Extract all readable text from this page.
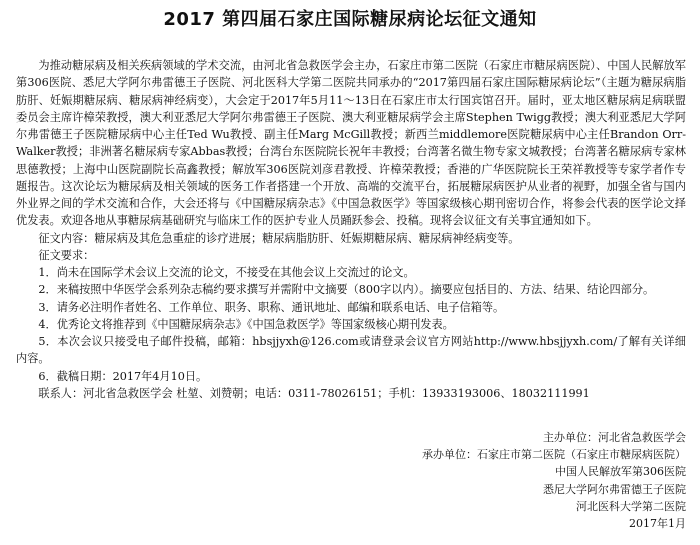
2017 第四届石家庄国际糖尿病论坛征文通知

为推动糖尿病及相关疾病领域的学术交流，由河北省急救医学会主办，石家庄市第二医院（石家庄市糖尿病医院）、中国人民解放军第306医院、悉尼大学阿尔弗雷德王子医院、河北医科大学第二医院共同承办的“2017第四届石家庄国际糖尿病论坛”（主题为糖尿病脂肪肝、妊娠期糖尿病、糖尿病神经病变），大会定于2017年5月11～13日在石家庄市太行国宾馆召开。届时，亚太地区糖尿病足病联盟委员会主席许樟荣教授，澳大利亚悉尼大学阿尔弗雷德王子医院、澳大利亚糖尿病学会主席Stephen Twigg教授；澳大利亚悉尼大学阿尔弗雷德王子医院糖尿病中心主任Ted Wu教授、副主任Marg McGill教授；新西兰middlemore医院糖尿病中心主任Brandon Orr-Walker教授；非洲著名糖尿病专家Abbas教授；台湾台东医院院长祝年丰教授；台湾著名微生物专家文城教授；台湾著名糖尿病专家林思德教授；上海中山医院副院长高鑫教授；解放军306医院刘彦君教授、许樟荣教授；香港的广华医院院长王荣祥教授等专家学者作专题报告。这次论坛为糖尿病及相关领域的医务工作者搭建一个开放、高端的交流平台，拓展糖尿病医护从业者的视野，加强全省与国内外业界之间的学术交流和合作，大会还将与《中国糖尿病杂志》《中国急救医学》等国家级核心期刊密切合作，将参会代表的医学论文择优发表。欢迎各地从事糖尿病基础研究与临床工作的医护专业人员踊跃参会、投稿。现将会议征文有关事宜通知如下。

征文内容：糖尿病及其危急重症的诊疗进展；糖尿病脂肪肝、妊娠期糖尿病、糖尿病神经病变等。

征文要求：

1．尚未在国际学术会议上交流的论文，不接受在其他会议上交流过的论文。

2．来稿按照中华医学会系列杂志稿约要求撰写并需附中文摘要（800字以内）。摘要应包括目的、方法、结果、结论四部分。

3．请务必注明作者姓名、工作单位、职务、职称、通讯地址、邮编和联系电话、电子信箱等。

4．优秀论文将推荐到《中国糖尿病杂志》《中国急救医学》等国家级核心期刊发表。

5．本次会议只接受电子邮件投稿，邮箱：hbsjjyxh@126.com或请登录会议官方网站http://www.hbsjjyxh.com/了解有关详细内容。

6．截稿日期：2017年4月10日。

联系人：河北省急救医学会 杜堃、刘赞朝；电话：0311-78026151；手机：13933193006、18032111991

主办单位：河北省急救医学会

承办单位：石家庄市第二医院（石家庄市糖尿病医院）

中国人民解放军第306医院

悉尼大学阿尔弗雷德王子医院

河北医科大学第二医院

2017年1月
